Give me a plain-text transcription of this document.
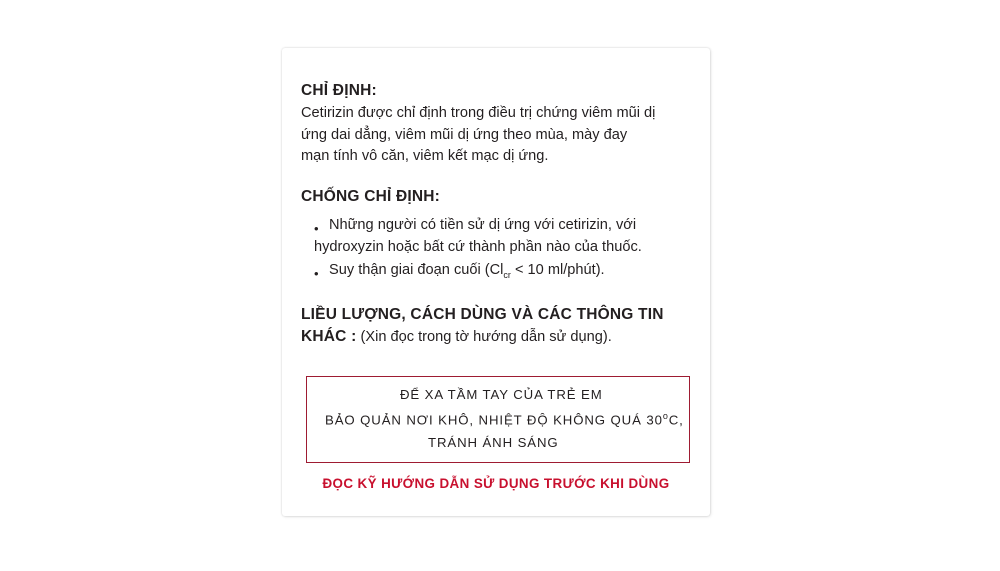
CHỈ ĐỊNH:

Cetirizin được chỉ định trong điều trị chứng viêm mũi dị
ứng dai dẳng, viêm mũi dị ứng theo mùa, mày đay
mạn tính vô căn, viêm kết mạc dị ứng.

CHỐNG CHỈ ĐỊNH:
• Những người có tiền sử dị ứng với cetirizin, với
hydroxyzin hoặc bất cứ thành phần nào của thuốc.
• Suy thận giai đoạn cuối ($Cl_{cr} < 10$ ml/phút).
LIỀU LƯỢNG, CÁCH DÙNG VÀ CÁC THÔNG TIN
KHÁC : (Xin đọc trong tờ hướng dẫn sử dụng).
ĐỂ XA TẦM TAY CỦA TRẺ EM
BẢO QUẢN NƠI KHÔ, NHIỆT ĐỘ KHÔNG QUÁ 30$^o$C,
TRÁNH ÁNH SÁNG
ĐỌC KỸ HƯỚNG DẪN SỬ DỤNG TRƯỚC KHI DÙNG
